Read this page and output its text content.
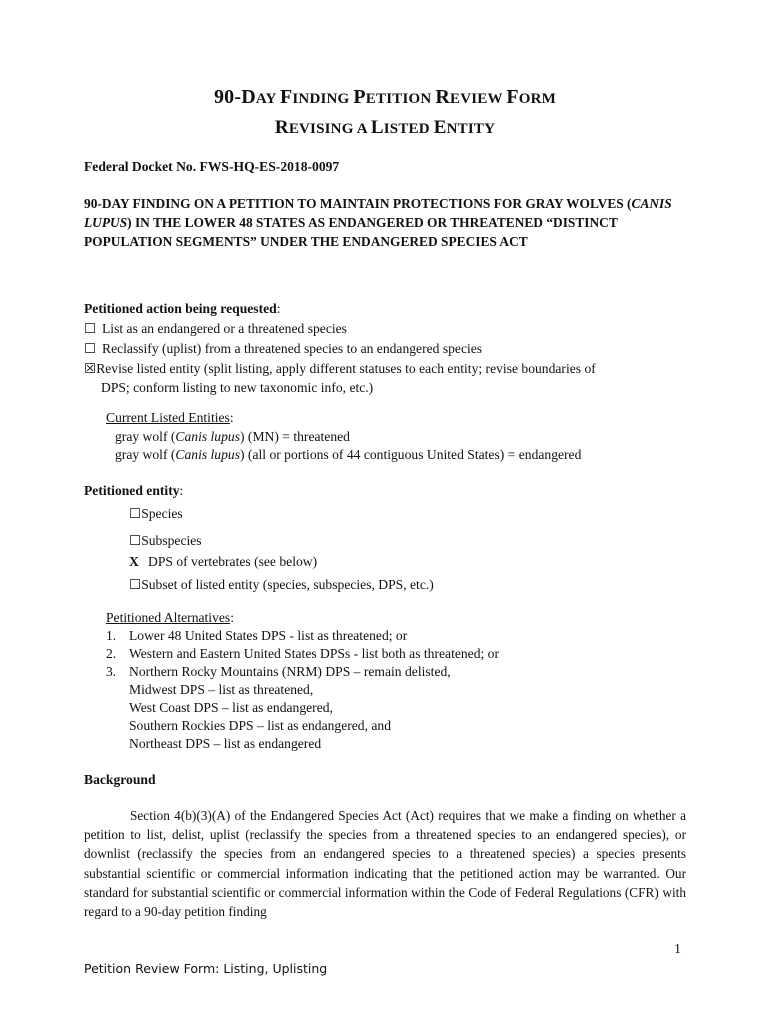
90-DAY FINDING PETITION REVIEW FORM
REVISING A LISTED ENTITY
Federal Docket No. FWS-HQ-ES-2018-0097
90-DAY FINDING ON A PETITION TO MAINTAIN PROTECTIONS FOR GRAY WOLVES (CANIS LUPUS) IN THE LOWER 48 STATES AS ENDANGERED OR THREATENED “DISTINCT POPULATION SEGMENTS” UNDER THE ENDANGERED SPECIES ACT
Petitioned action being requested:
☐ List as an endangered or a threatened species
☐ Reclassify (uplist) from a threatened species to an endangered species
☒Revise listed entity (split listing, apply different statuses to each entity; revise boundaries of
DPS; conform listing to new taxonomic info, etc.)
Current Listed Entities:
gray wolf (Canis lupus) (MN) = threatened
gray wolf (Canis lupus) (all or portions of 44 contiguous United States) = endangered
Petitioned entity:
☐Species
☐Subspecies
X DPS of vertebrates (see below)
☐Subset of listed entity (species, subspecies, DPS, etc.)
Petitioned Alternatives:
1. Lower 48 United States DPS - list as threatened; or
2. Western and Eastern United States DPSs - list both as threatened; or
3. Northern Rocky Mountains (NRM) DPS – remain delisted,
Midwest DPS – list as threatened,
West Coast DPS – list as endangered,
Southern Rockies DPS – list as endangered, and
Northeast DPS – list as endangered
Background
Section 4(b)(3)(A) of the Endangered Species Act (Act) requires that we make a finding on whether a petition to list, delist, uplist (reclassify the species from a threatened species to an endangered species), or downlist (reclassify the species from an endangered species to a threatened species) a species presents substantial scientific or commercial information indicating that the petitioned action may be warranted. Our standard for substantial scientific or commercial information within the Code of Federal Regulations (CFR) with regard to a 90-day petition finding
1
Petition Review Form: Listing, Uplisting
